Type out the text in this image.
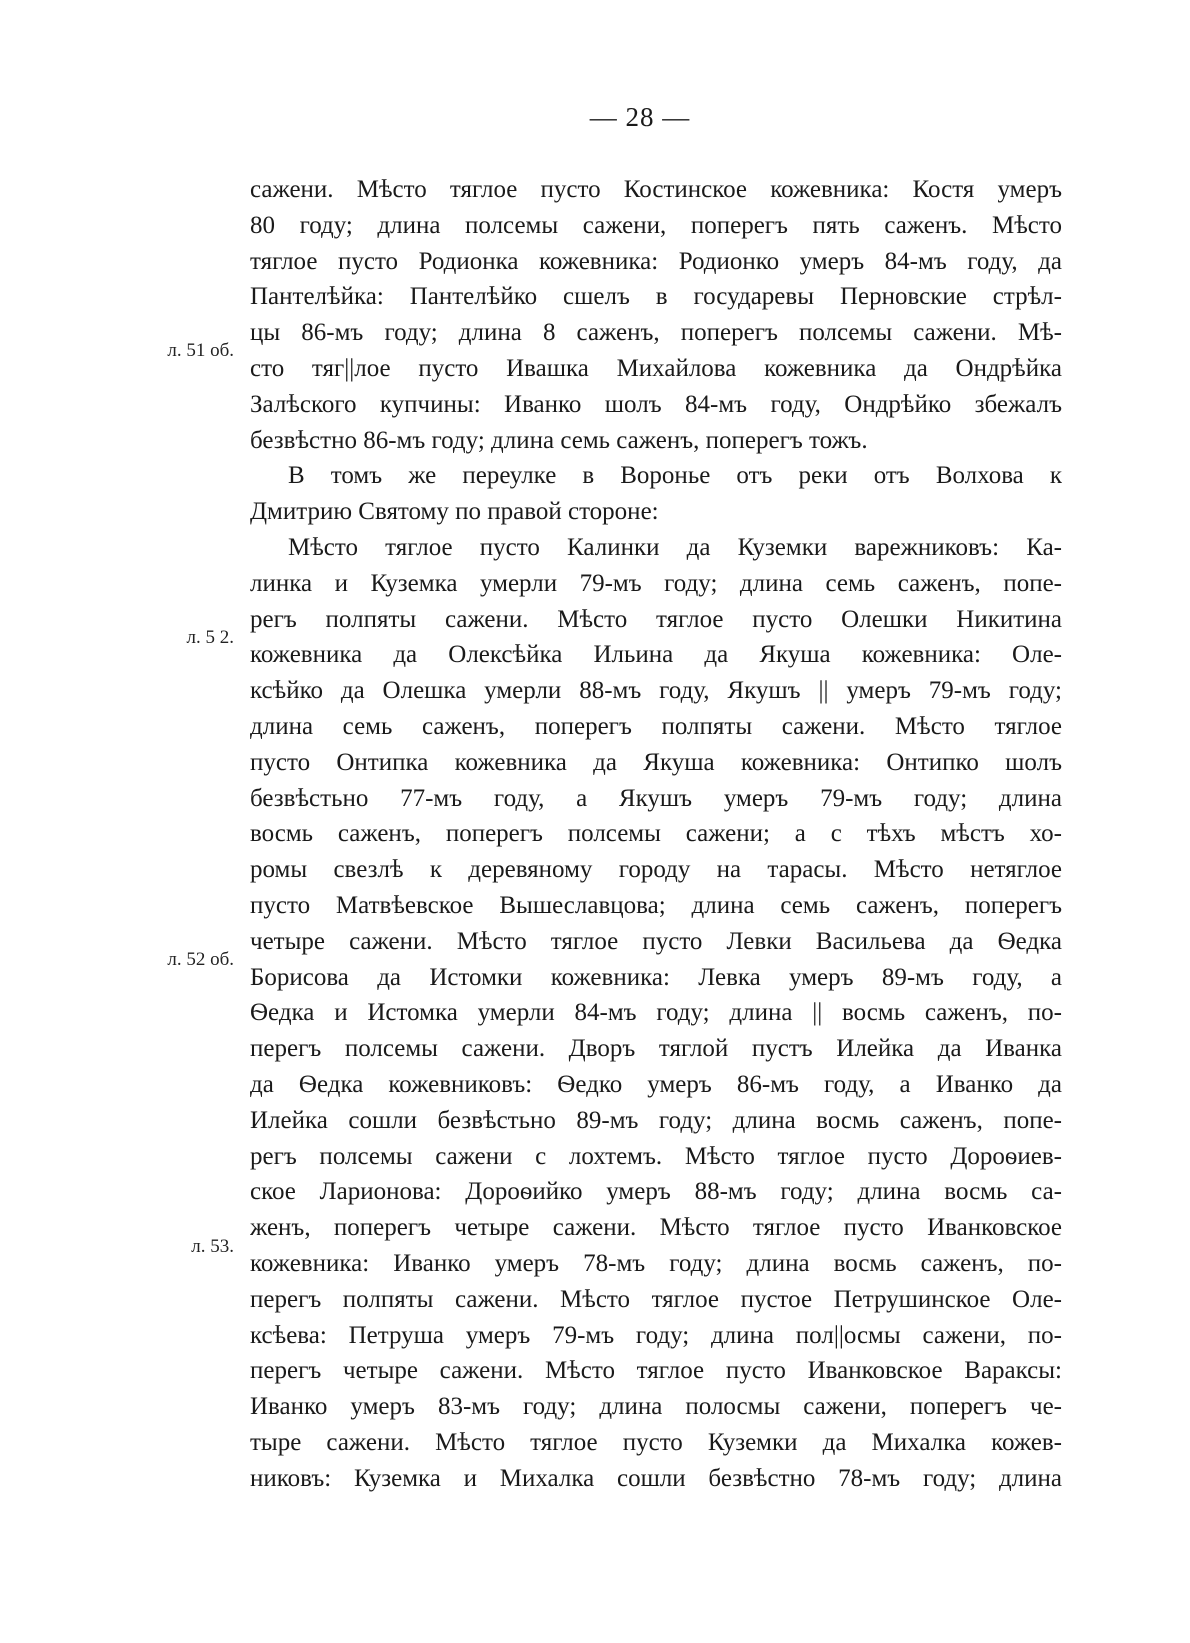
— 28 —
л. 51 об.
л. 5 2.
л. 52 об.
л. 53.
сажени. Мѣсто тяглое пусто Костинское кожевника: Костя умеръ
80 году; длина полсемы сажени, поперегъ пять саженъ. Мѣсто
тяглое пусто Родионка кожевника: Родионко умеръ 84-мъ году, да
Пантелѣйка: Пантелѣйко сшелъ в государевы Перновские стрѣл-
цы 86-мъ году; длина 8 саженъ, поперегъ полсемы сажени. Мѣ-
сто тяг||лое пусто Ивашка Михайлова кожевника да Ондрѣйка
Залѣского купчины: Иванко шолъ 84-мъ году, Ондрѣйко збежалъ
безвѣстно 86-мъ году; длина семь саженъ, поперегъ тожъ.
В томъ же переулке в Воронье отъ реки отъ Волхова к
Дмитрию Святому по правой стороне:
Мѣсто тяглое пусто Калинки да Куземки варежниковъ: Ка-
линка и Куземка умерли 79-мъ году; длина семь саженъ, попе-
регъ полпяты сажени. Мѣсто тяглое пусто Олешки Никитина
кожевника да Олексѣйка Ильина да Якуша кожевника: Оле-
ксѣйко да Олешка умерли 88-мъ году, Якушъ || умеръ 79-мъ году;
длина семь саженъ, поперегъ полпяты сажени. Мѣсто тяглое
пусто Онтипка кожевника да Якуша кожевника: Онтипко шолъ
безвѣстьно 77-мъ году, а Якушъ умеръ 79-мъ году; длина
восмь саженъ, поперегъ полсемы сажени; а с тѣхъ мѣстъ хо-
ромы свезлѣ к деревяному городу на тарасы. Мѣсто нетяглое
пусто Матвѣевское Вышеславцова; длина семь саженъ, поперегъ
четыре сажени. Мѣсто тяглое пусто Левки Васильева да Ѳедка
Борисова да Истомки кожевника: Левка умеръ 89-мъ году, а
Ѳедка и Истомка умерли 84-мъ году; длина || восмь саженъ, по-
перегъ полсемы сажени. Дворъ тяглой пустъ Илейка да Иванка
да Ѳедка кожевниковъ: Ѳедко умеръ 86-мъ году, а Иванко да
Илейка сошли безвѣстьно 89-мъ году; длина восмь саженъ, попе-
регъ полсемы сажени с лохтемъ. Мѣсто тяглое пусто Дороѳиев-
ское Ларионова: Дороѳийко умеръ 88-мъ году; длина восмь са-
женъ, поперегъ четыре сажени. Мѣсто тяглое пусто Иванковское
кожевника: Иванко умеръ 78-мъ году; длина восмь саженъ, по-
перегъ полпяты сажени. Мѣсто тяглое пустое Петрушинское Оле-
ксѣева: Петруша умеръ 79-мъ году; длина пол||осмы сажени, по-
перегъ четыре сажени. Мѣсто тяглое пусто Иванковское Вараксы:
Иванко умеръ 83-мъ году; длина полосмы сажени, поперегъ че-
тыре сажени. Мѣсто тяглое пусто Куземки да Михалка кожев-
никовъ: Куземка и Михалка сошли безвѣстно 78-мъ году; длина
